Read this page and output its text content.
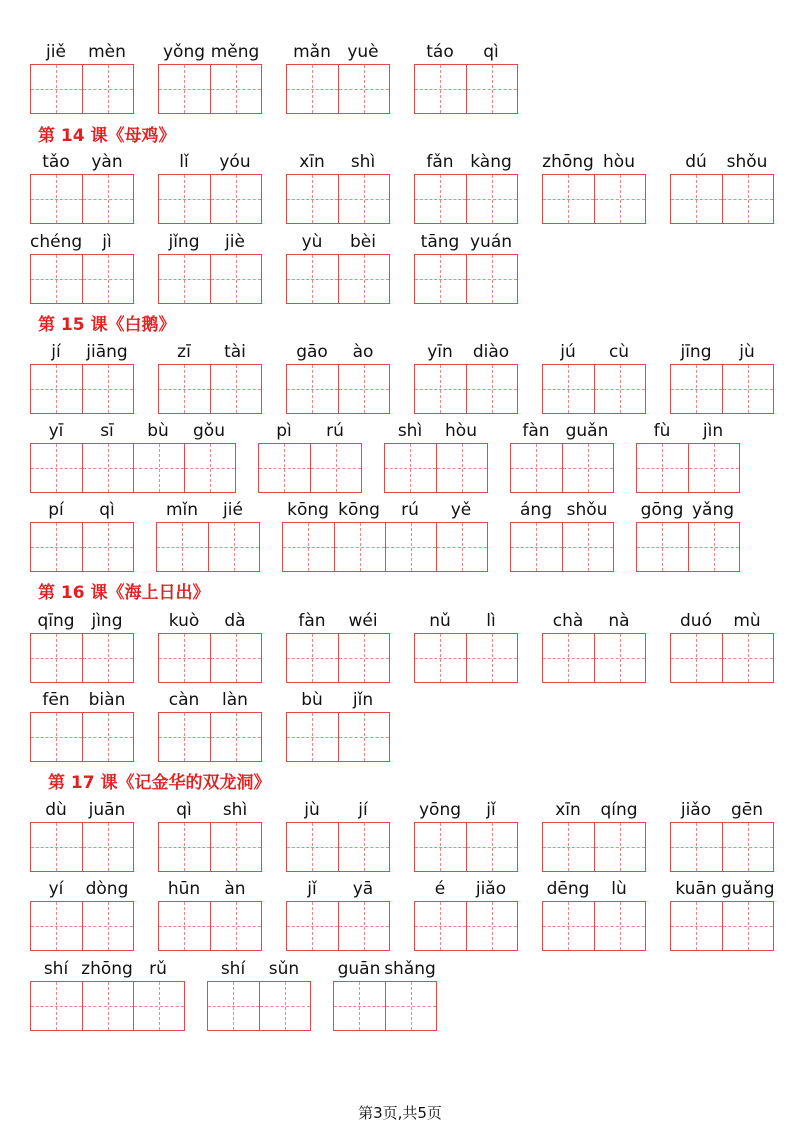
jiě	mèn	yǒng měng	mǎn yuè	táo	qì
第 14 课《母鸡》
tǎo	yàn	lǐ	yóu	xīn	shì	fǎn kàng	zhōng hòu	dú	shǒu
chéng	jì	jǐng	jiè	yù	bèi	tāng yuán
第 15 课《白鹅》
jí	jiāng	zī	tài	gāo	ào	yīn	diào	jú	cù	jīng	jù
yī	sī	bù	gǒu	pì	rú	shì	hòu	fàn guǎn	fù	jìn
pí	qì	mǐn	jié	kōng kōng	rú	yě	áng shǒu	gōng yǎng
第 16 课《海上日出》
qīng jìng	kuò	dà	fàn	wéi	nǔ	lì	chà	nà	duó	mù
fēn	biàn	càn	làn	bù	jǐn
第 17 课《记金华的双龙洞》
dù	juān	qì	shì	jù	jí	yōng	jǐ	xīn	qíng	jiǎo	gēn
yí	dòng	hūn	àn	jǐ	yā	é	jiǎo	dēng	lù	kuān guǎng
shí zhōng rǔ	shí	sǔn	guān shǎng
第3页,共5页
